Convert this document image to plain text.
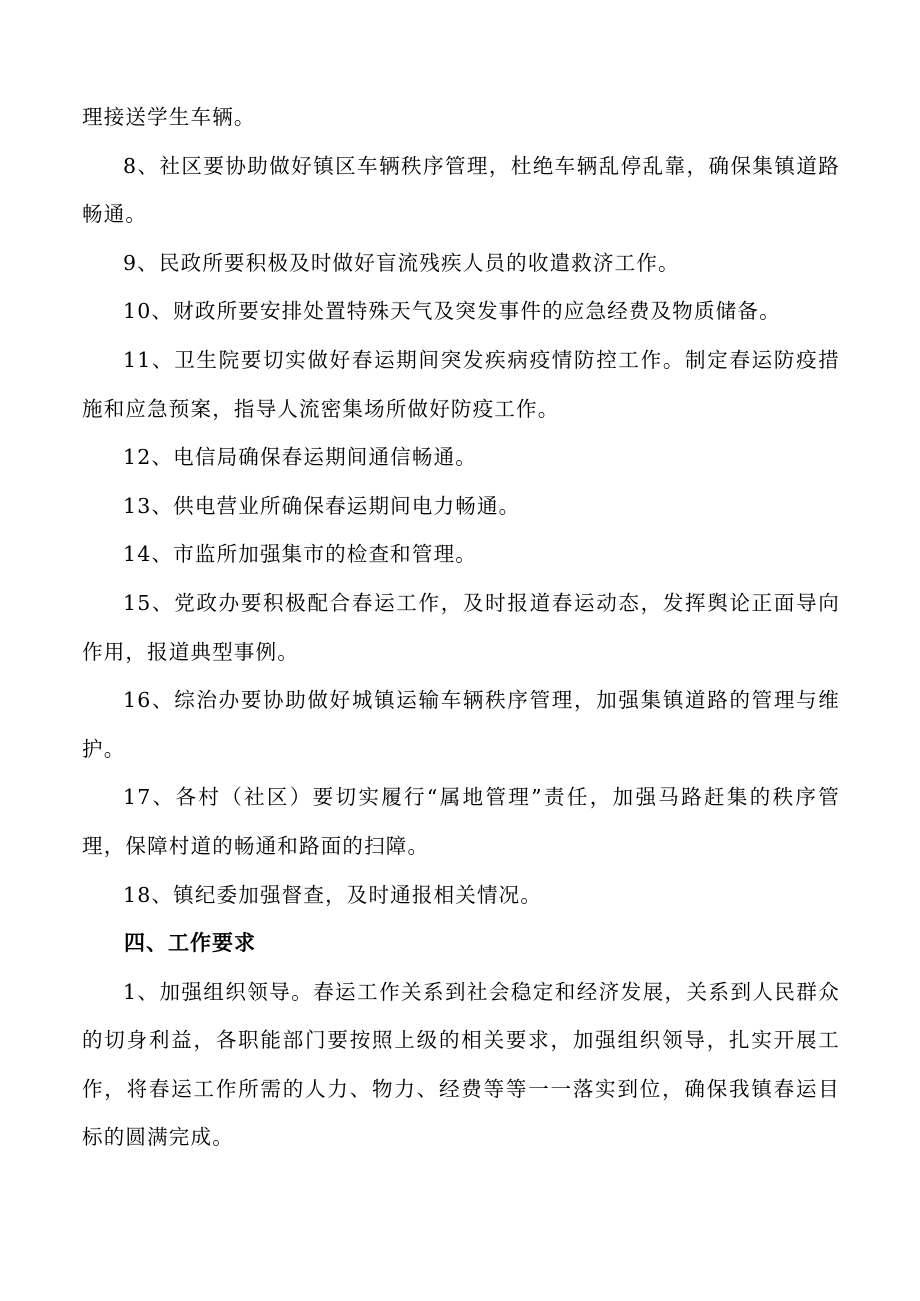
理接送学生车辆。

8、社区要协助做好镇区车辆秩序管理，杜绝车辆乱停乱靠，确保集镇道路畅通。

9、民政所要积极及时做好盲流残疾人员的收遣救济工作。

10、财政所要安排处置特殊天气及突发事件的应急经费及物质储备。

11、卫生院要切实做好春运期间突发疾病疫情防控工作。制定春运防疫措施和应急预案，指导人流密集场所做好防疫工作。

12、电信局确保春运期间通信畅通。

13、供电营业所确保春运期间电力畅通。

14、市监所加强集市的检查和管理。

15、党政办要积极配合春运工作，及时报道春运动态，发挥舆论正面导向作用，报道典型事例。

16、综治办要协助做好城镇运输车辆秩序管理，加强集镇道路的管理与维护。

17、各村（社区）要切实履行“属地管理”责任，加强马路赶集的秩序管理，保障村道的畅通和路面的扫障。

18、镇纪委加强督查，及时通报相关情况。

四、工作要求

1、加强组织领导。春运工作关系到社会稳定和经济发展，关系到人民群众的切身利益，各职能部门要按照上级的相关要求，加强组织领导，扎实开展工作，将春运工作所需的人力、物力、经费等等一一落实到位，确保我镇春运目标的圆满完成。
